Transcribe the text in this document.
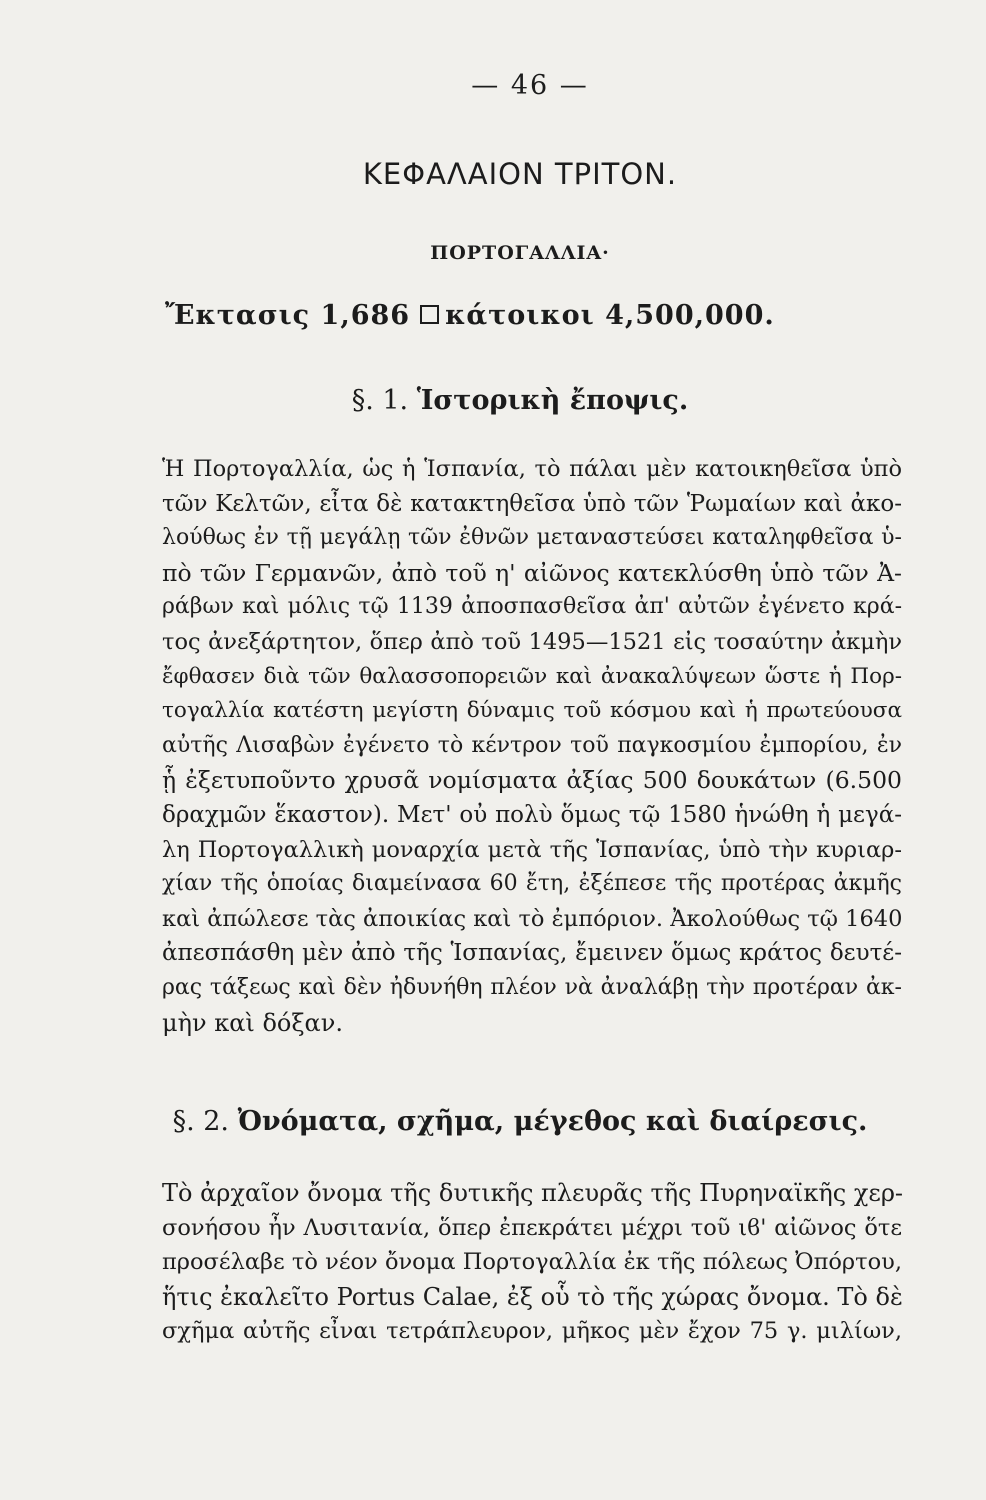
— 46 —
ΚΕΦΑΛΑΙΟΝ ΤΡΙΤΟΝ.
ΠΟΡΤΟΓΑΛΛΙΑ·
Ἔκτασις 1,686 κάτοικοι 4,500,000.
§. 1. Ἱστορικὴ ἔποψις.
Ἡ Πορτογαλλία, ὡς ἡ Ἱσπανία, τὸ πάλαι μὲν κατοικηθεῖσα ὑπὸ
τῶν Κελτῶν, εἶτα δὲ κατακτηθεῖσα ὑπὸ τῶν Ῥωμαίων καὶ ἀκο-
λούθως ἐν τῇ μεγάλῃ τῶν ἐθνῶν μεταναστεύσει καταληφθεῖσα ὑ-
πὸ τῶν Γερμανῶν, ἀπὸ τοῦ η' αἰῶνος κατεκλύσθη ὑπὸ τῶν Ἀ-
ράβων καὶ μόλις τῷ 1139 ἀποσπασθεῖσα ἀπ' αὐτῶν ἐγένετο κρά-
τος ἀνεξάρτητον, ὅπερ ἀπὸ τοῦ 1495—1521 εἰς τοσαύτην ἀκμὴν
ἔφθασεν διὰ τῶν θαλασσοπορειῶν καὶ ἀνακαλύψεων ὥστε ἡ Πορ-
τογαλλία κατέστη μεγίστη δύναμις τοῦ κόσμου καὶ ἡ πρωτεύουσα
αὐτῆς Λισαβὼν ἐγένετο τὸ κέντρον τοῦ παγκοσμίου ἐμπορίου, ἐν
ᾗ ἐξετυποῦντο χρυσᾶ νομίσματα ἀξίας 500 δουκάτων (6.500
δραχμῶν ἕκαστον). Μετ' οὐ πολὺ ὅμως τῷ 1580 ἡνώθη ἡ μεγά-
λη Πορτογαλλικὴ μοναρχία μετὰ τῆς Ἱσπανίας, ὑπὸ τὴν κυριαρ-
χίαν τῆς ὁποίας διαμείνασα 60 ἔτη, ἐξέπεσε τῆς προτέρας ἀκμῆς
καὶ ἀπώλεσε τὰς ἀποικίας καὶ τὸ ἐμπόριον. Ἀκολούθως τῷ 1640
ἀπεσπάσθη μὲν ἀπὸ τῆς Ἱσπανίας, ἔμεινεν ὅμως κράτος δευτέ-
ρας τάξεως καὶ δὲν ἠδυνήθη πλέον νὰ ἀναλάβῃ τὴν προτέραν ἀκ-
μὴν καὶ δόξαν.
§. 2. Ὀνόματα, σχῆμα, μέγεθος καὶ διαίρεσις.
Τὸ ἀρχαῖον ὄνομα τῆς δυτικῆς πλευρᾶς τῆς Πυρηναϊκῆς χερ-
σονήσου ἦν Λυσιτανία, ὅπερ ἐπεκράτει μέχρι τοῦ ιϐ' αἰῶνος ὅτε
προσέλαβε τὸ νέον ὄνομα Πορτογαλλία ἐκ τῆς πόλεως Ὀπόρτου,
ἥτις ἐκαλεῖτο Portus Calae, ἐξ οὗ τὸ τῆς χώρας ὄνομα. Τὸ δὲ
σχῆμα αὐτῆς εἶναι τετράπλευρον, μῆκος μὲν ἔχον 75 γ. μιλίων,
